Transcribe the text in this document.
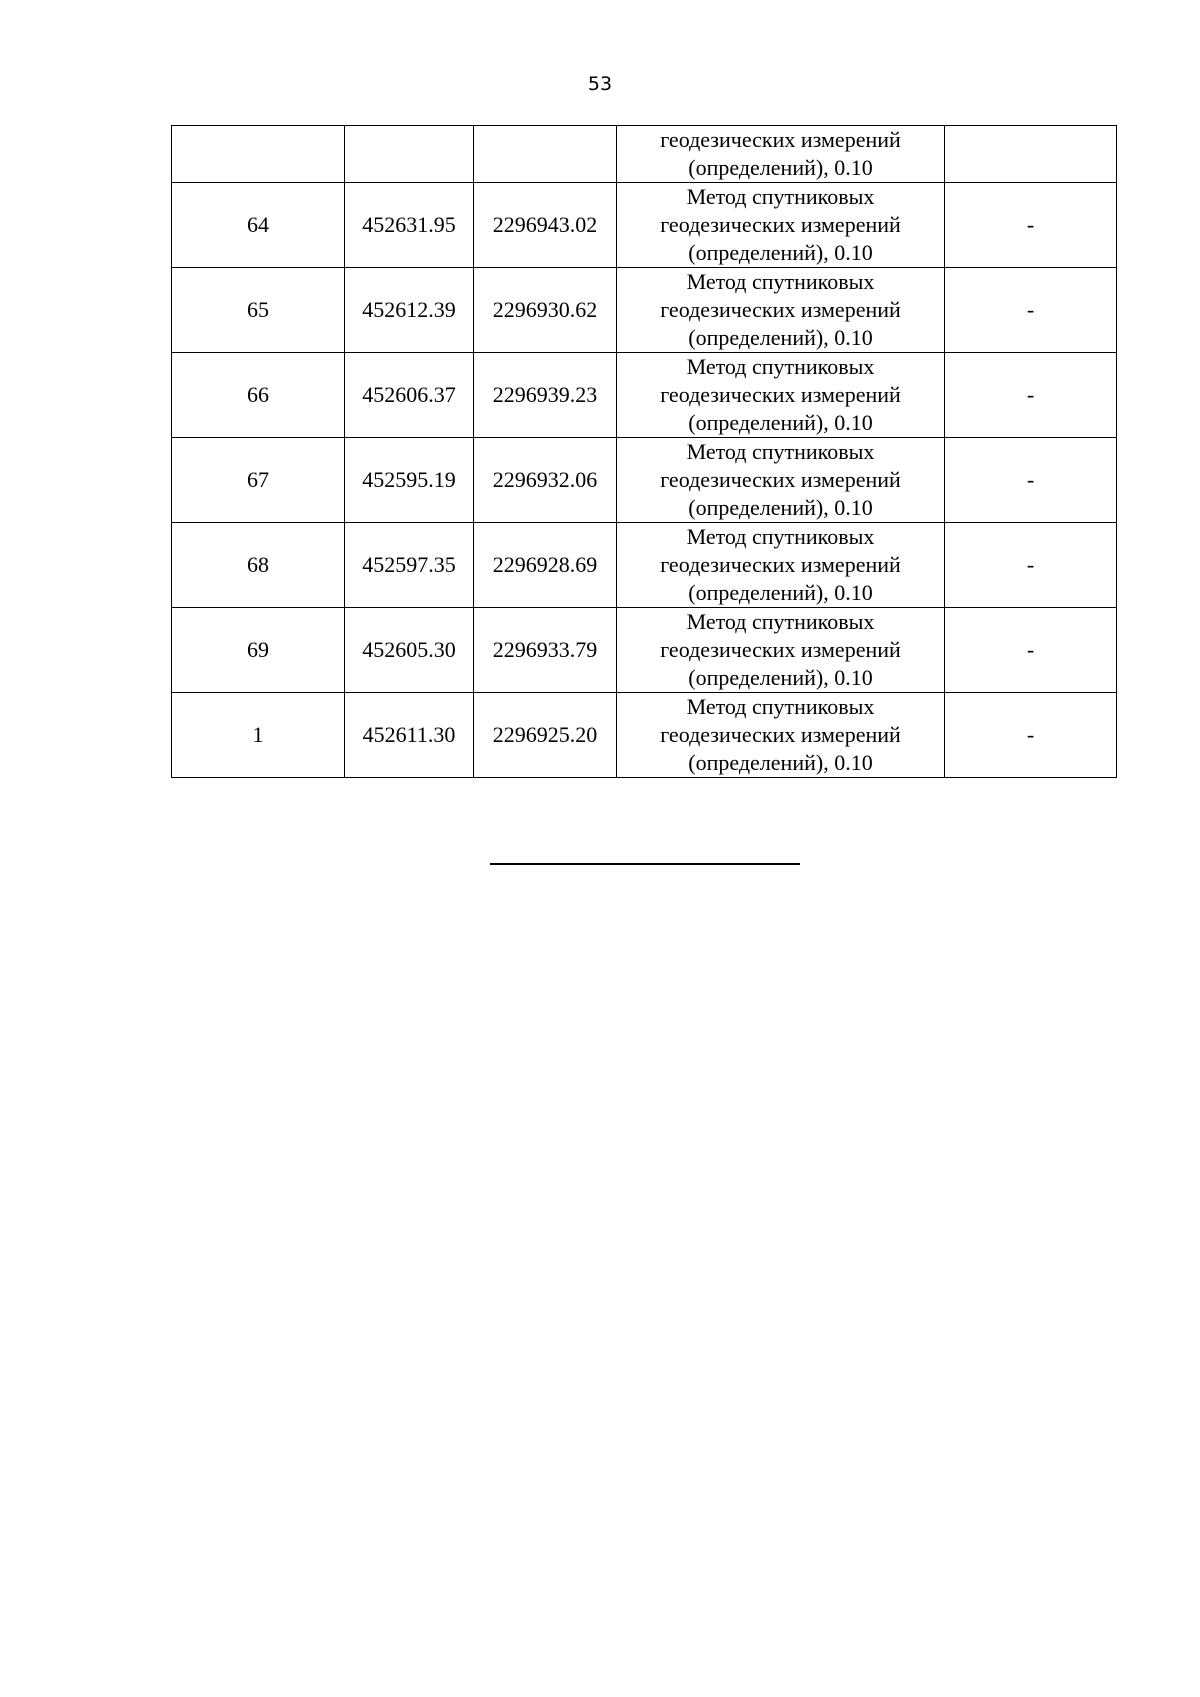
53

			геодезических измерений
(определений), 0.10	

64	452631.95	2296943.02	Метод спутниковых
геодезических измерений
(определений), 0.10	-
65	452612.39	2296930.62	Метод спутниковых
геодезических измерений
(определений), 0.10	-
66	452606.37	2296939.23	Метод спутниковых
геодезических измерений
(определений), 0.10	-
67	452595.19	2296932.06	Метод спутниковых
геодезических измерений
(определений), 0.10	-
68	452597.35	2296928.69	Метод спутниковых
геодезических измерений
(определений), 0.10	-
69	452605.30	2296933.79	Метод спутниковых
геодезических измерений
(определений), 0.10	-
1	452611.30	2296925.20	Метод спутниковых
геодезических измерений
(определений), 0.10	-
